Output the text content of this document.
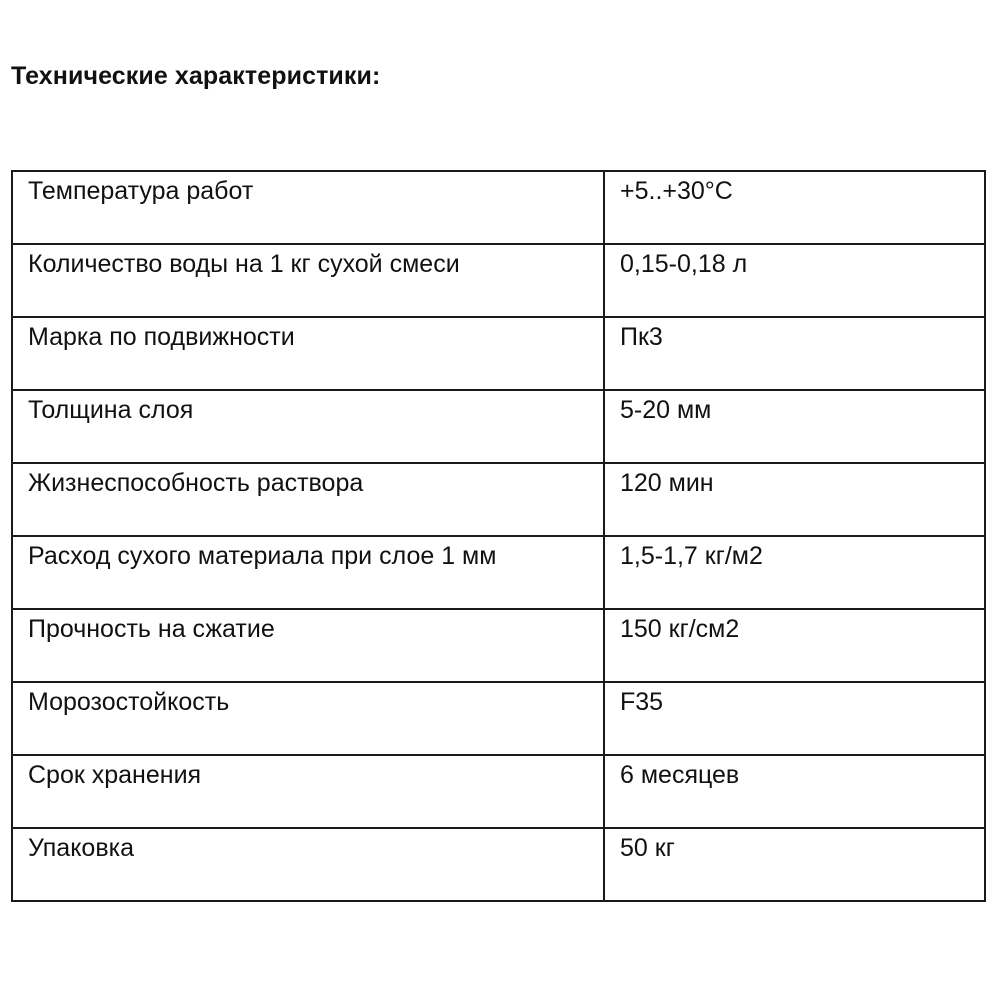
Технические характеристики:
Температура работ	+5..+30°С
Количество воды на 1 кг сухой смеси	0,15-0,18 л
Марка по подвижности	Пк3
Толщина слоя	5-20 мм
Жизнеспособность раствора	120 мин
Расход сухого материала при слое 1 мм	1,5-1,7 кг/м2
Прочность на сжатие	150 кг/см2
Морозостойкость	F35
Срок хранения	6 месяцев
Упаковка	50 кг
